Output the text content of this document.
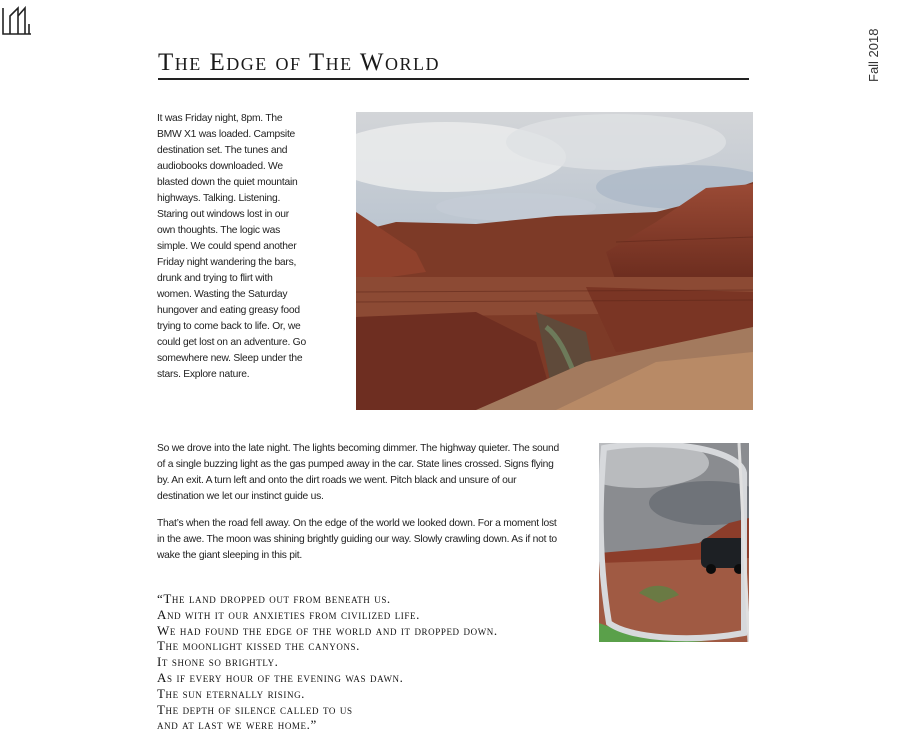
Fall 2018
The Edge of The World

It was Friday night, 8pm. The BMW X1 was loaded. Campsite destination set. The tunes and audiobooks downloaded. We blasted down the quiet mountain highways. Talking. Listening. Staring out windows lost in our own thoughts. The logic was simple. We could spend another Friday night wandering the bars, drunk and trying to flirt with women. Wasting the Saturday hungover and eating greasy food trying to come back to life. Or, we could get lost on an adventure. Go somewhere new. Sleep under the stars. Explore nature.

So we drove into the late night. The lights becoming dimmer. The highway quieter. The sound of a single buzzing light as the gas pumped away in the car. State lines crossed. Signs flying by. An exit. A turn left and onto the dirt roads we went. Pitch black and unsure of our destination we let our instinct guide us.

That’s when the road fell away. On the edge of the world we looked down. For a moment lost in the awe. The moon was shining brightly guiding our way. Slowly crawling down. As if not to wake the giant sleeping in this pit.

“The land dropped out from beneath us.
And with it our anxieties from civilized life.
We had found the edge of the world and it dropped down.
The moonlight kissed the canyons.
It shone so brightly.
As if every hour of the evening was dawn.
The sun eternally rising.
The depth of silence called to us
and at last we were home.”
